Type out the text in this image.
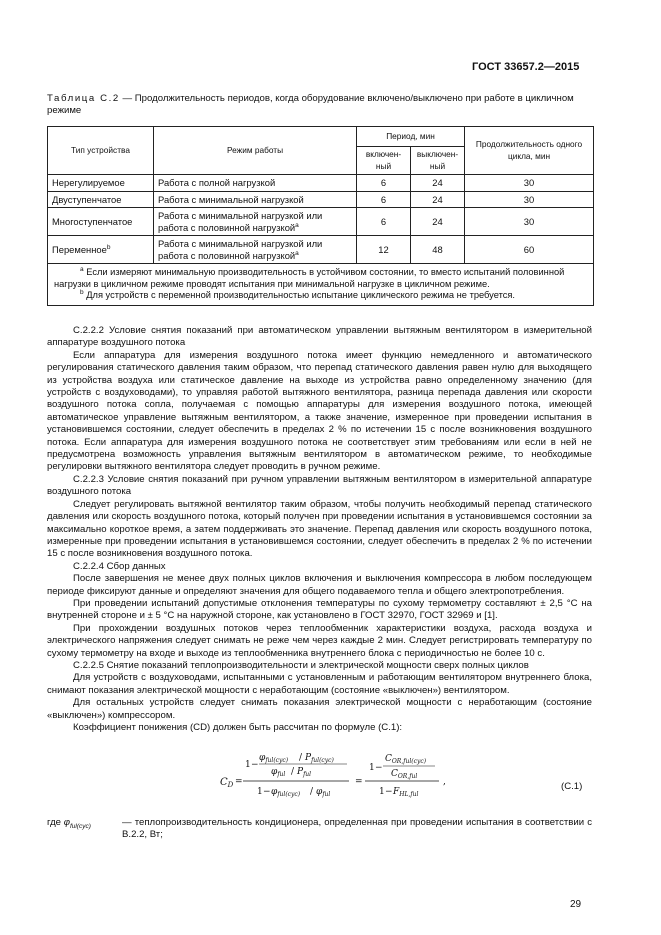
ГОСТ 33657.2—2015
Таблица С.2 — Продолжительность периодов, когда оборудование включено/выключено при работе в цикличном режиме
Тип устройства	Режим работы	Период, мин		Продолжительность одного цикла, мин
		включен-ный	выключен-ный	
Нерегулируемое	Работа с полной нагрузкой	6	24	30
Двуступенчатое	Работа с минимальной нагрузкой	6	24	30
Многоступенчатое	Работа с минимальной нагрузкой или работа с половинной нагрузкой$^a$	6	24	30
Переменное$^b$	Работа с минимальной нагрузкой или работа с половинной нагрузкой$^a$	12	48	60

$^a$ Если измеряют минимальную производительность в устойчивом состоянии, то вместо испытаний половинной нагрузки в цикличном режиме проводят испытания при минимальной нагрузке в цикличном режиме.
$^b$ Для устройств с переменной производительностью испытание циклического режима не требуется.				

С.2.2.2 Условие снятия показаний при автоматическом управлении вытяжным вентилятором в измерительной аппаратуре воздушного потока

Если аппаратура для измерения воздушного потока имеет функцию немедленного и автоматического регулирования статического давления таким образом, что перепад статического давления равен нулю для выходящего из устройства воздуха или статическое давление на выходе из устройства равно определенному значению (для устройств с воздуховодами), то управляя работой вытяжного вентилятора, разница перепада давления или скорости воздушного потока сопла, получаемая с помощью аппаратуры для измерения воздушного потока, имеющей автоматическое управление вытяжным вентилятором, а также значение, измеренное при проведении испытания в установившемся состоянии, следует обеспечить в пределах 2 % по истечении 15 с после возникновения воздушного потока. Если аппаратура для измерения воздушного потока не соответствует этим требованиям или если в ней не предусмотрена возможность управления вытяжным вентилятором в автоматическом режиме, то необходимые регулировки вытяжного вентилятора следует проводить в ручном режиме.

С.2.2.3 Условие снятия показаний при ручном управлении вытяжным вентилятором в измерительной аппаратуре воздушного потока

Следует регулировать вытяжной вентилятор таким образом, чтобы получить необходимый перепад статического давления или скорость воздушного потока, который получен при проведении испытания в установившемся состоянии за максимально короткое время, а затем поддерживать это значение. Перепад давления или скорость воздушного потока, измеренные при проведении испытания в установившемся состоянии, следует обеспечить в пределах 2 % по истечении 15 с после возникновения воздушного потока.

С.2.2.4 Сбор данных

После завершения не менее двух полных циклов включения и выключения компрессора в любом последующем периоде фиксируют данные и определяют значения для общего подаваемого тепла и общего электропотребления.

При проведении испытаний допустимые отклонения температуры по сухому термометру составляют ± 2,5 °С на внутренней стороне и ± 5 °С на наружной стороне, как установлено в ГОСТ 32970, ГОСТ 32969 и [1].

При прохождении воздушных потоков через теплообменник характеристики воздуха, расхода воздуха и электрического напряжения следует снимать не реже чем через каждые 2 мин. Следует регистрировать температуру по сухому термометру на входе и выходе из теплообменника внутреннего блока с периодичностью не более 10 с.

С.2.2.5 Снятие показаний теплопроизводительности и электрической мощности сверх полных циклов

Для устройств с воздуховодами, испытанными с установленным и работающим вентилятором внутреннего блока, снимают показания электрической мощности с неработающим (состояние «выключен») вентилятором.

Для остальных устройств следует снимать показания электрической мощности с неработающим (состояние «выключен») компрессором.

Коэффициент понижения (CD) должен быть рассчитан по формуле (С.1):

$C_D$ =
1 −
$\varphi_{ful(cyc)} / P_{ful(cyc)}$
$\varphi_{ful} / P_{ful}$
$1 - \varphi_{ful(cyc)} / \varphi_{ful}$
=
1 −
$C_{OR,ful(cyc)}$
$C_{OR,ful}$
$1 - F_{HL,ful}$
,	(С.1)
где $\varphi_{ful(cyc)}$	— теплопроизводительность кондиционера, определенная при проведении испытания в соответствии с В.2.2, Вт;
29
